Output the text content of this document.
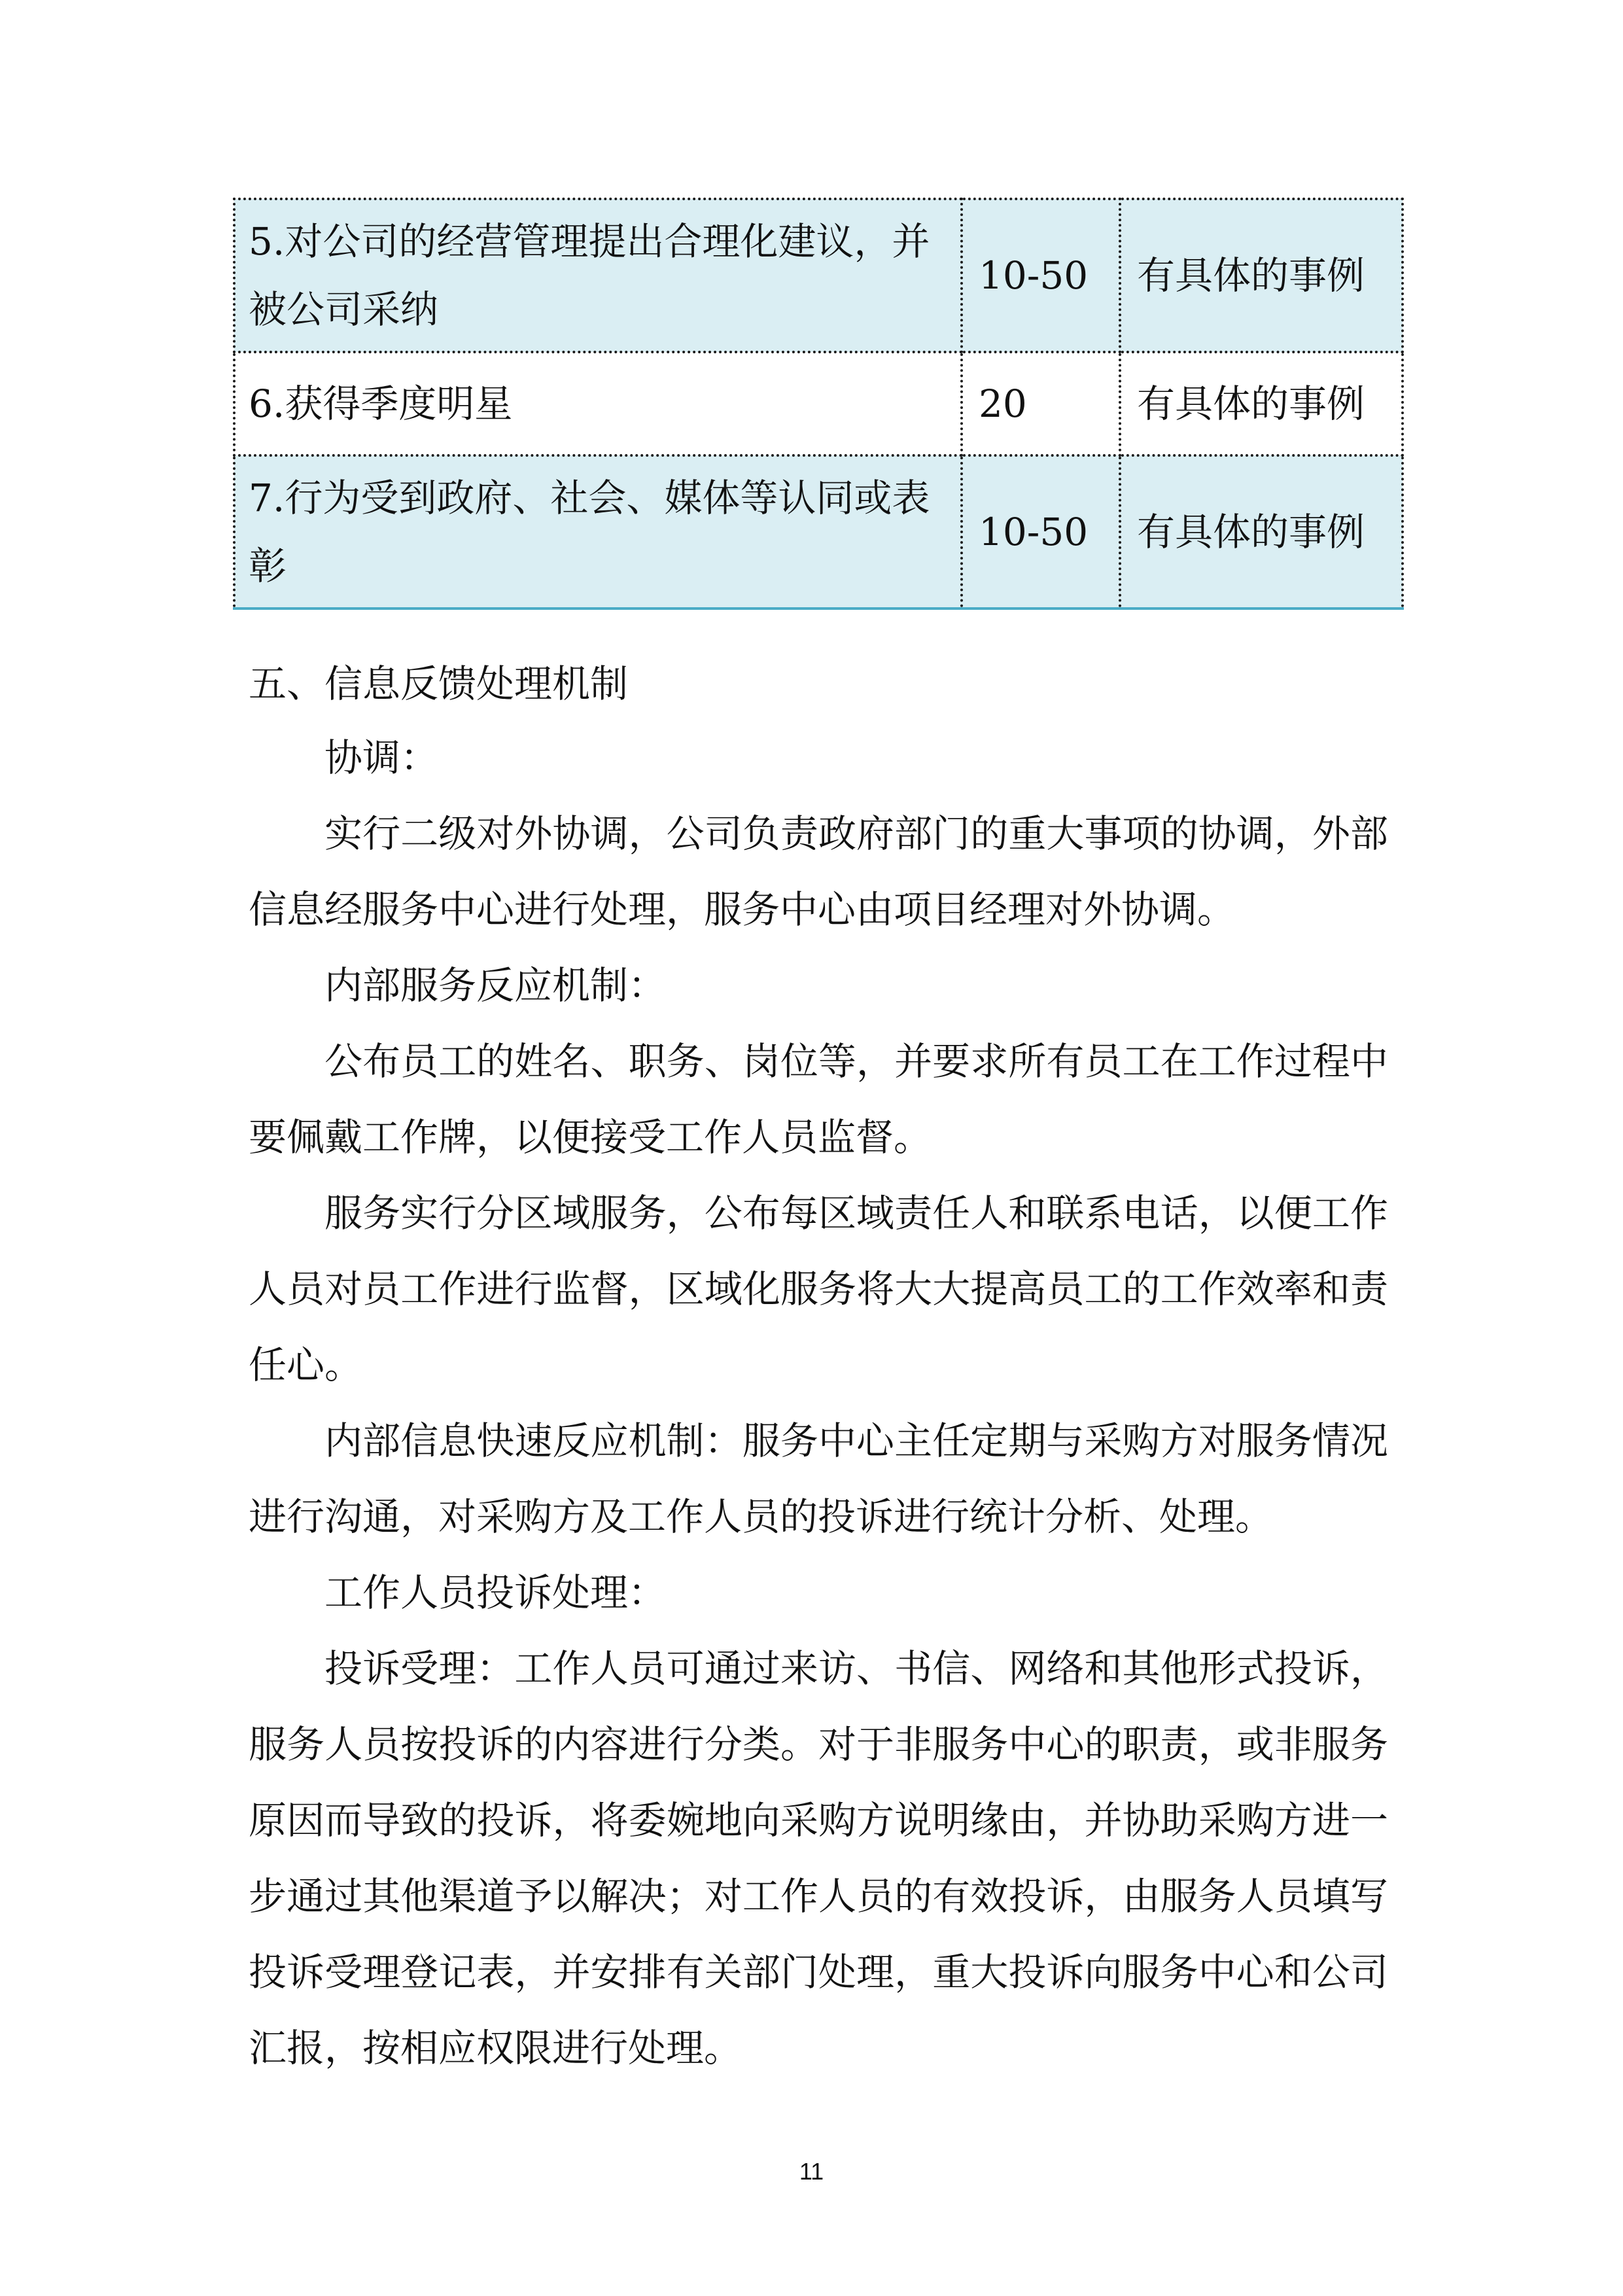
5.对公司的经营管理提出合理化建议，并被公司采纳	10-50	有具体的事例
6.获得季度明星	20	有具体的事例
7.行为受到政府、社会、媒体等认同或表彰	10-50	有具体的事例
五、信息反馈处理机制

协调：

实行二级对外协调，公司负责政府部门的重大事项的协调，外部信息经服务中心进行处理，服务中心由项目经理对外协调。

内部服务反应机制：

公布员工的姓名、职务、岗位等，并要求所有员工在工作过程中要佩戴工作牌，以便接受工作人员监督。

服务实行分区域服务，公布每区域责任人和联系电话，以便工作人员对员工作进行监督，区域化服务将大大提高员工的工作效率和责任心。

内部信息快速反应机制：服务中心主任定期与采购方对服务情况进行沟通，对采购方及工作人员的投诉进行统计分析、处理。

工作人员投诉处理：

投诉受理：工作人员可通过来访、书信、网络和其他形式投诉，服务人员按投诉的内容进行分类。对于非服务中心的职责，或非服务原因而导致的投诉，将委婉地向采购方说明缘由，并协助采购方进一步通过其他渠道予以解决；对工作人员的有效投诉，由服务人员填写投诉受理登记表，并安排有关部门处理，重大投诉向服务中心和公司汇报，按相应权限进行处理。

11
